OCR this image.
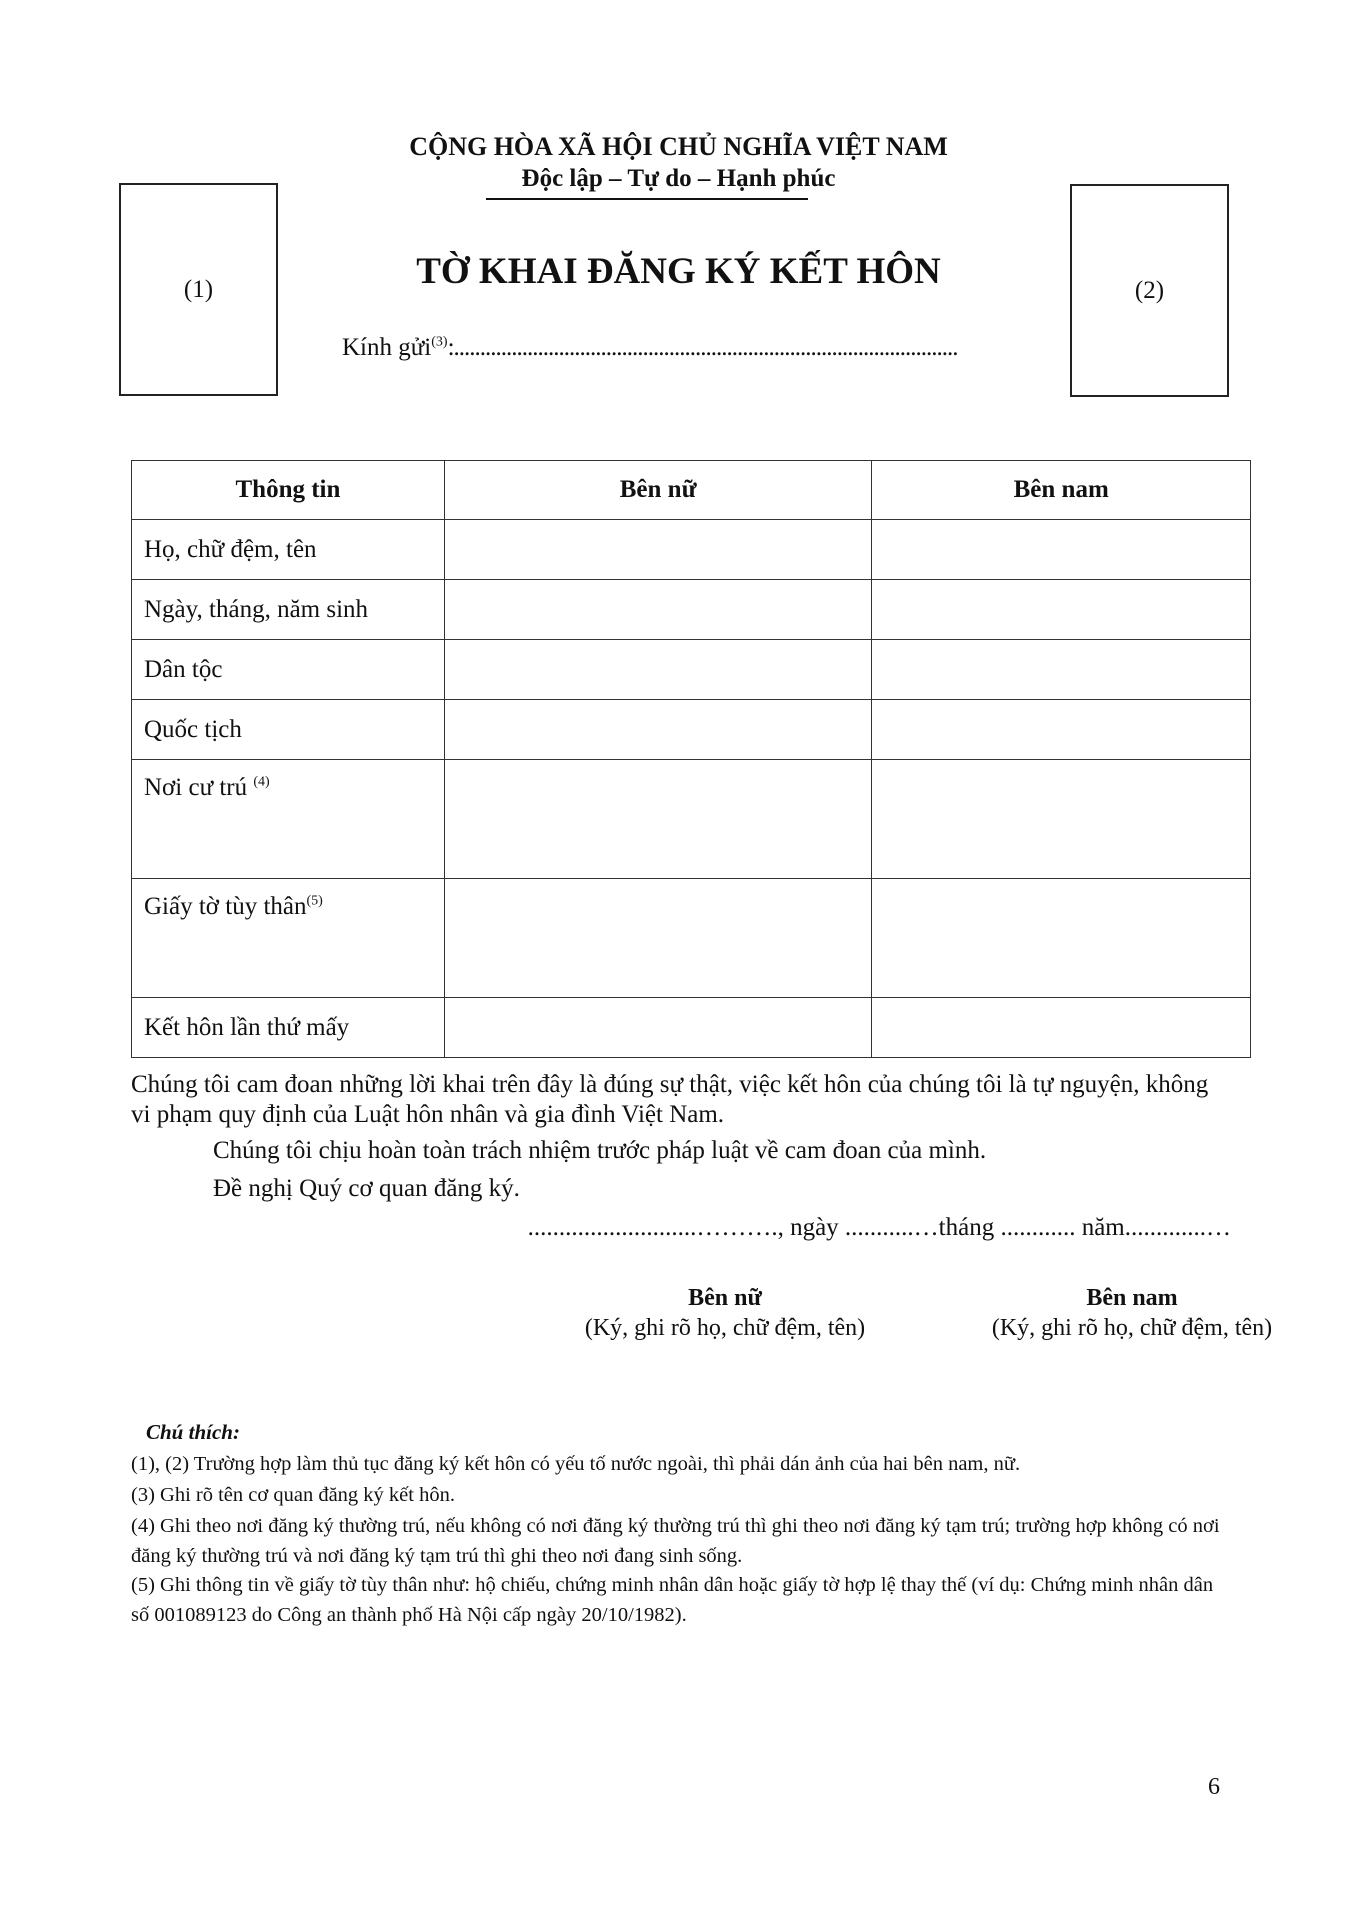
CỘNG HÒA XÃ HỘI CHỦ NGHĨA VIỆT NAM
Độc lập – Tự do – Hạnh phúc
(1)	(2)
TỜ KHAI ĐĂNG KÝ KẾT HÔN
Kính gửi$^{(3)}$:................................................................................................
Thông tin	Bên nữ	Bên nam
Họ, chữ đệm, tên		
Ngày, tháng, năm sinh		
Dân tộc		
Quốc tịch		
Nơi cư trú $^{(4)}$		
Giấy tờ tùy thân$^{(5)}$		
Kết hôn lần thứ mấy		
Chúng tôi cam đoan những lời khai trên đây là đúng sự thật, việc kết hôn của chúng tôi là tự nguyện, không vi phạm quy định của Luật hôn nhân và gia đình Việt Nam.
Chúng tôi chịu hoàn toàn trách nhiệm trước pháp luật về cam đoan của mình.
Đề nghị Quý cơ quan đăng ký.
...........................………., ngày ...........…tháng ............ năm.............…
Bên nữ
(Ký, ghi rõ họ, chữ đệm, tên)
Bên nam
(Ký, ghi rõ họ, chữ đệm, tên)
Chú thích:
(1), (2) Trường hợp làm thủ tục đăng ký kết hôn có yếu tố nước ngoài, thì phải dán ảnh của hai bên nam, nữ.
(3) Ghi rõ tên cơ quan đăng ký kết hôn.
(4) Ghi theo nơi đăng ký thường trú, nếu không có nơi đăng ký thường trú thì ghi theo nơi đăng ký tạm trú; trường hợp không có nơi đăng ký thường trú và nơi đăng ký tạm trú thì ghi theo nơi đang sinh sống.
(5) Ghi thông tin về giấy tờ tùy thân như: hộ chiếu, chứng minh nhân dân hoặc giấy tờ hợp lệ thay thế (ví dụ: Chứng minh nhân dân số 001089123 do Công an thành phố Hà Nội cấp ngày 20/10/1982).
6
